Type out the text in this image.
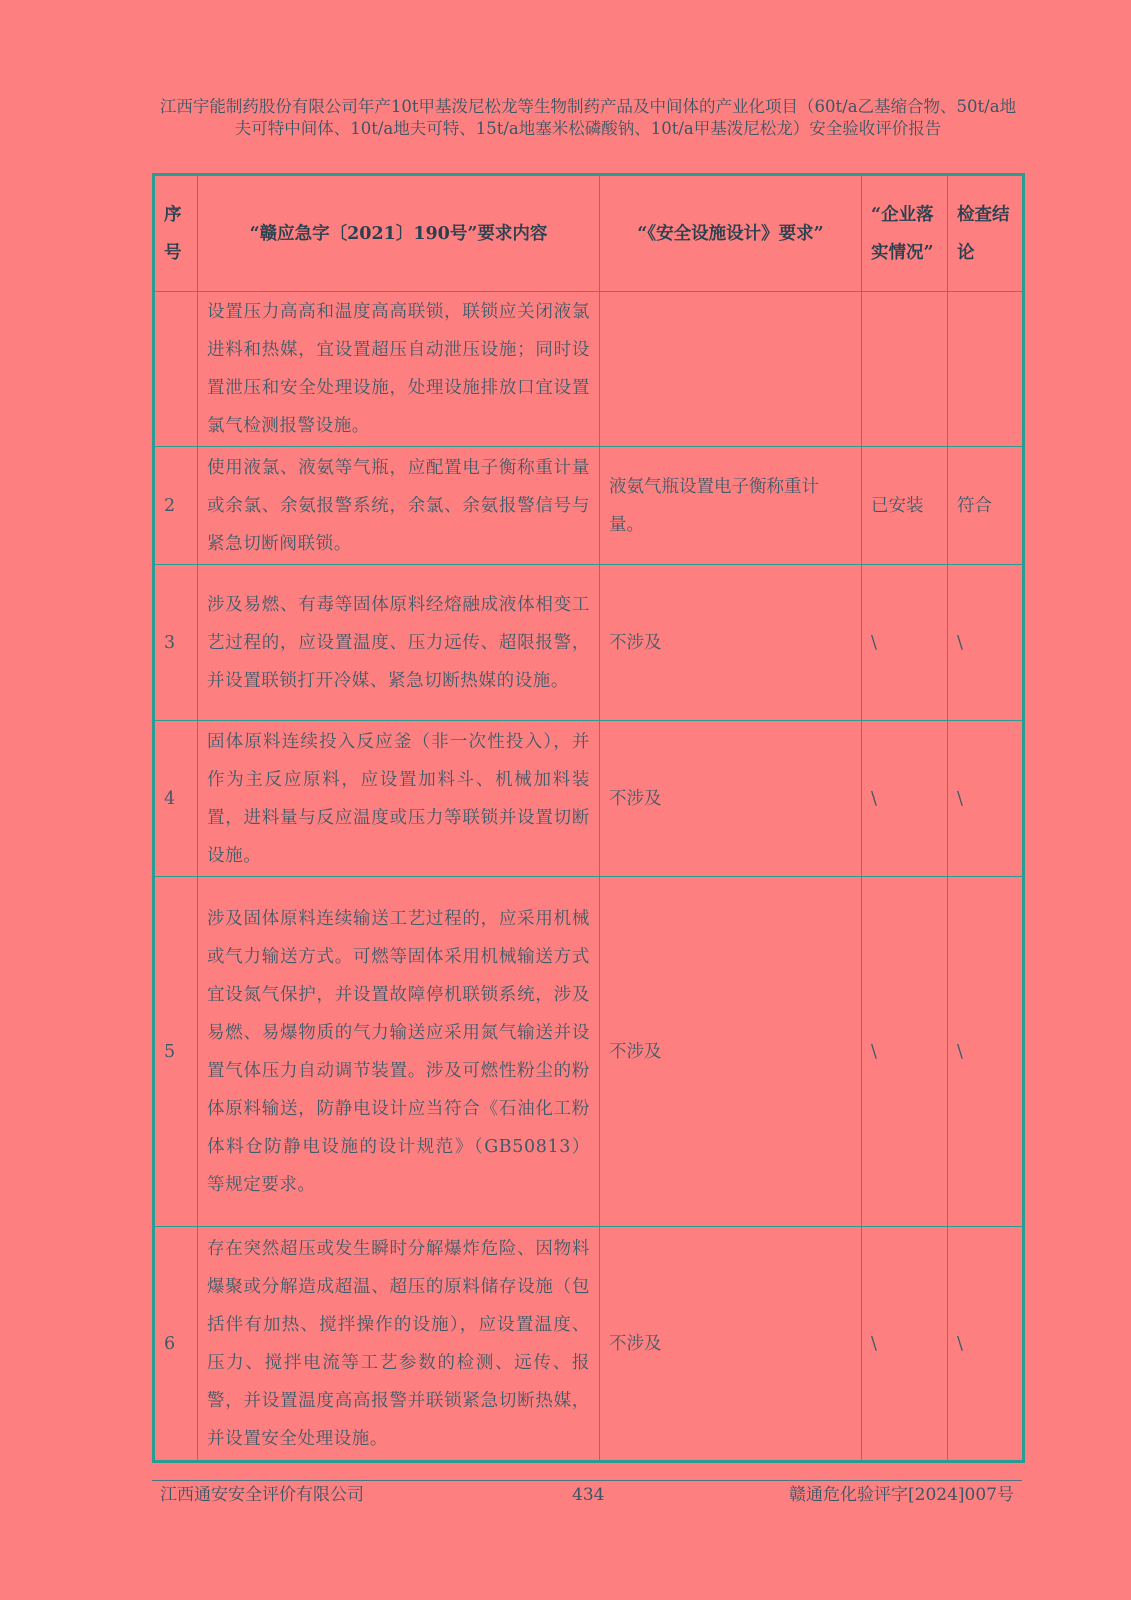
江西宇能制药股份有限公司年产10t甲基泼尼松龙等生物制药产品及中间体的产业化项目（60t/a乙基缩合物、50t/a地夫可特中间体、10t/a地夫可特、15t/a地塞米松磷酸钠、10t/a甲基泼尼松龙）安全验收评价报告
序号	“赣应急字〔2021〕190号”要求内容	“《安全设施设计》要求”	“企业落实情况”	检查结论
	设置压力高高和温度高高联锁，联锁应关闭液氯进料和热媒，宜设置超压自动泄压设施；同时设置泄压和安全处理设施，处理设施排放口宜设置氯气检测报警设施。			
2	使用液氯、液氨等气瓶，应配置电子衡称重计量或余氯、余氨报警系统，余氯、余氨报警信号与紧急切断阀联锁。	液氨气瓶设置电子衡称重计量。	已安装	符合
3	涉及易燃、有毒等固体原料经熔融成液体相变工艺过程的，应设置温度、压力远传、超限报警，并设置联锁打开冷媒、紧急切断热媒的设施。	不涉及	\	\
4	固体原料连续投入反应釜（非一次性投入），并作为主反应原料，应设置加料斗、机械加料装置，进料量与反应温度或压力等联锁并设置切断设施。	不涉及	\	\
5	涉及固体原料连续输送工艺过程的，应采用机械或气力输送方式。可燃等固体采用机械输送方式宜设氮气保护，并设置故障停机联锁系统，涉及易燃、易爆物质的气力输送应采用氮气输送并设置气体压力自动调节装置。涉及可燃性粉尘的粉体原料输送，防静电设计应当符合《石油化工粉体料仓防静电设施的设计规范》（GB50813）等规定要求。	不涉及	\	\
6	存在突然超压或发生瞬时分解爆炸危险、因物料爆聚或分解造成超温、超压的原料储存设施（包括伴有加热、搅拌操作的设施），应设置温度、压力、搅拌电流等工艺参数的检测、远传、报警，并设置温度高高报警并联锁紧急切断热媒，并设置安全处理设施。	不涉及	\	\
江西通安安全评价有限公司	434	赣通危化验评字[2024]007号
